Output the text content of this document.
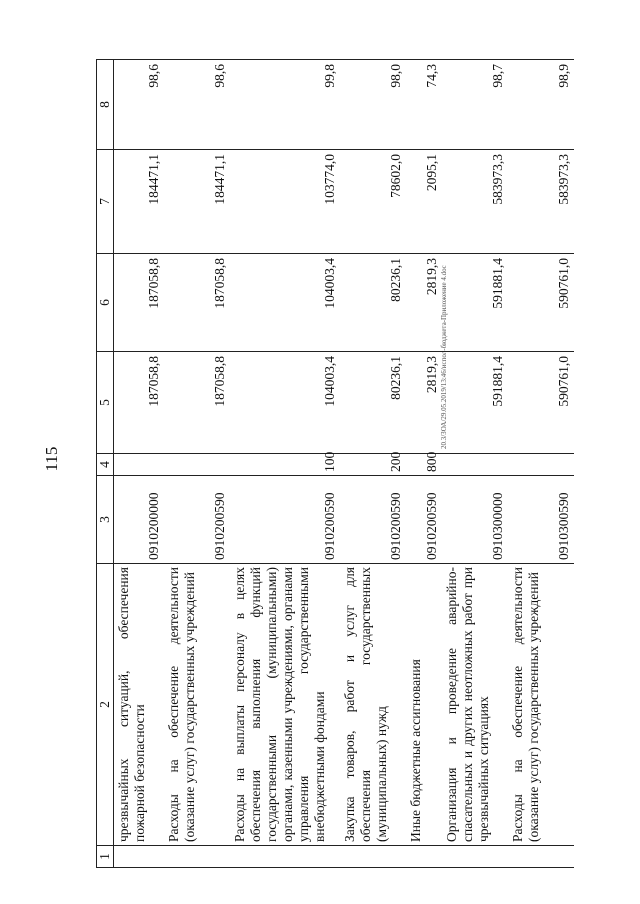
115
20.3/ЗОА/29.05.2019/13:46/испол-бюджета-Приложение 4.doc
1	2	3	4	5	6	7	8
	чрезвычайных ситуаций, обеспечения пожарной безопасности	0910200000		187058,8	187058,8	184471,1	98,6
	Расходы на обеспечение деятельности (оказание услуг) государственных учреждений	0910200590		187058,8	187058,8	184471,1	98,6
	Расходы на выплаты персоналу в целях обеспечения выполнения функций государственными (муниципальными) органами, казенными учреждениями, органами управления государственными внебюджетными фондами	0910200590	100	104003,4	104003,4	103774,0	99,8
	Закупка товаров, работ и услуг для обеспечения государственных (муниципальных) нужд	0910200590	200	80236,1	80236,1	78602,0	98,0
	Иные бюджетные ассигнования	0910200590	800	2819,3	2819,3	2095,1	74,3
	Организация и проведение аварийно-спасательных и других неотложных работ при чрезвычайных ситуациях	0910300000		591881,4	591881,4	583973,3	98,7
	Расходы на обеспечение деятельности (оказание услуг) государственных учреждений	0910300590		590761,0	590761,0	583973,3	98,9
